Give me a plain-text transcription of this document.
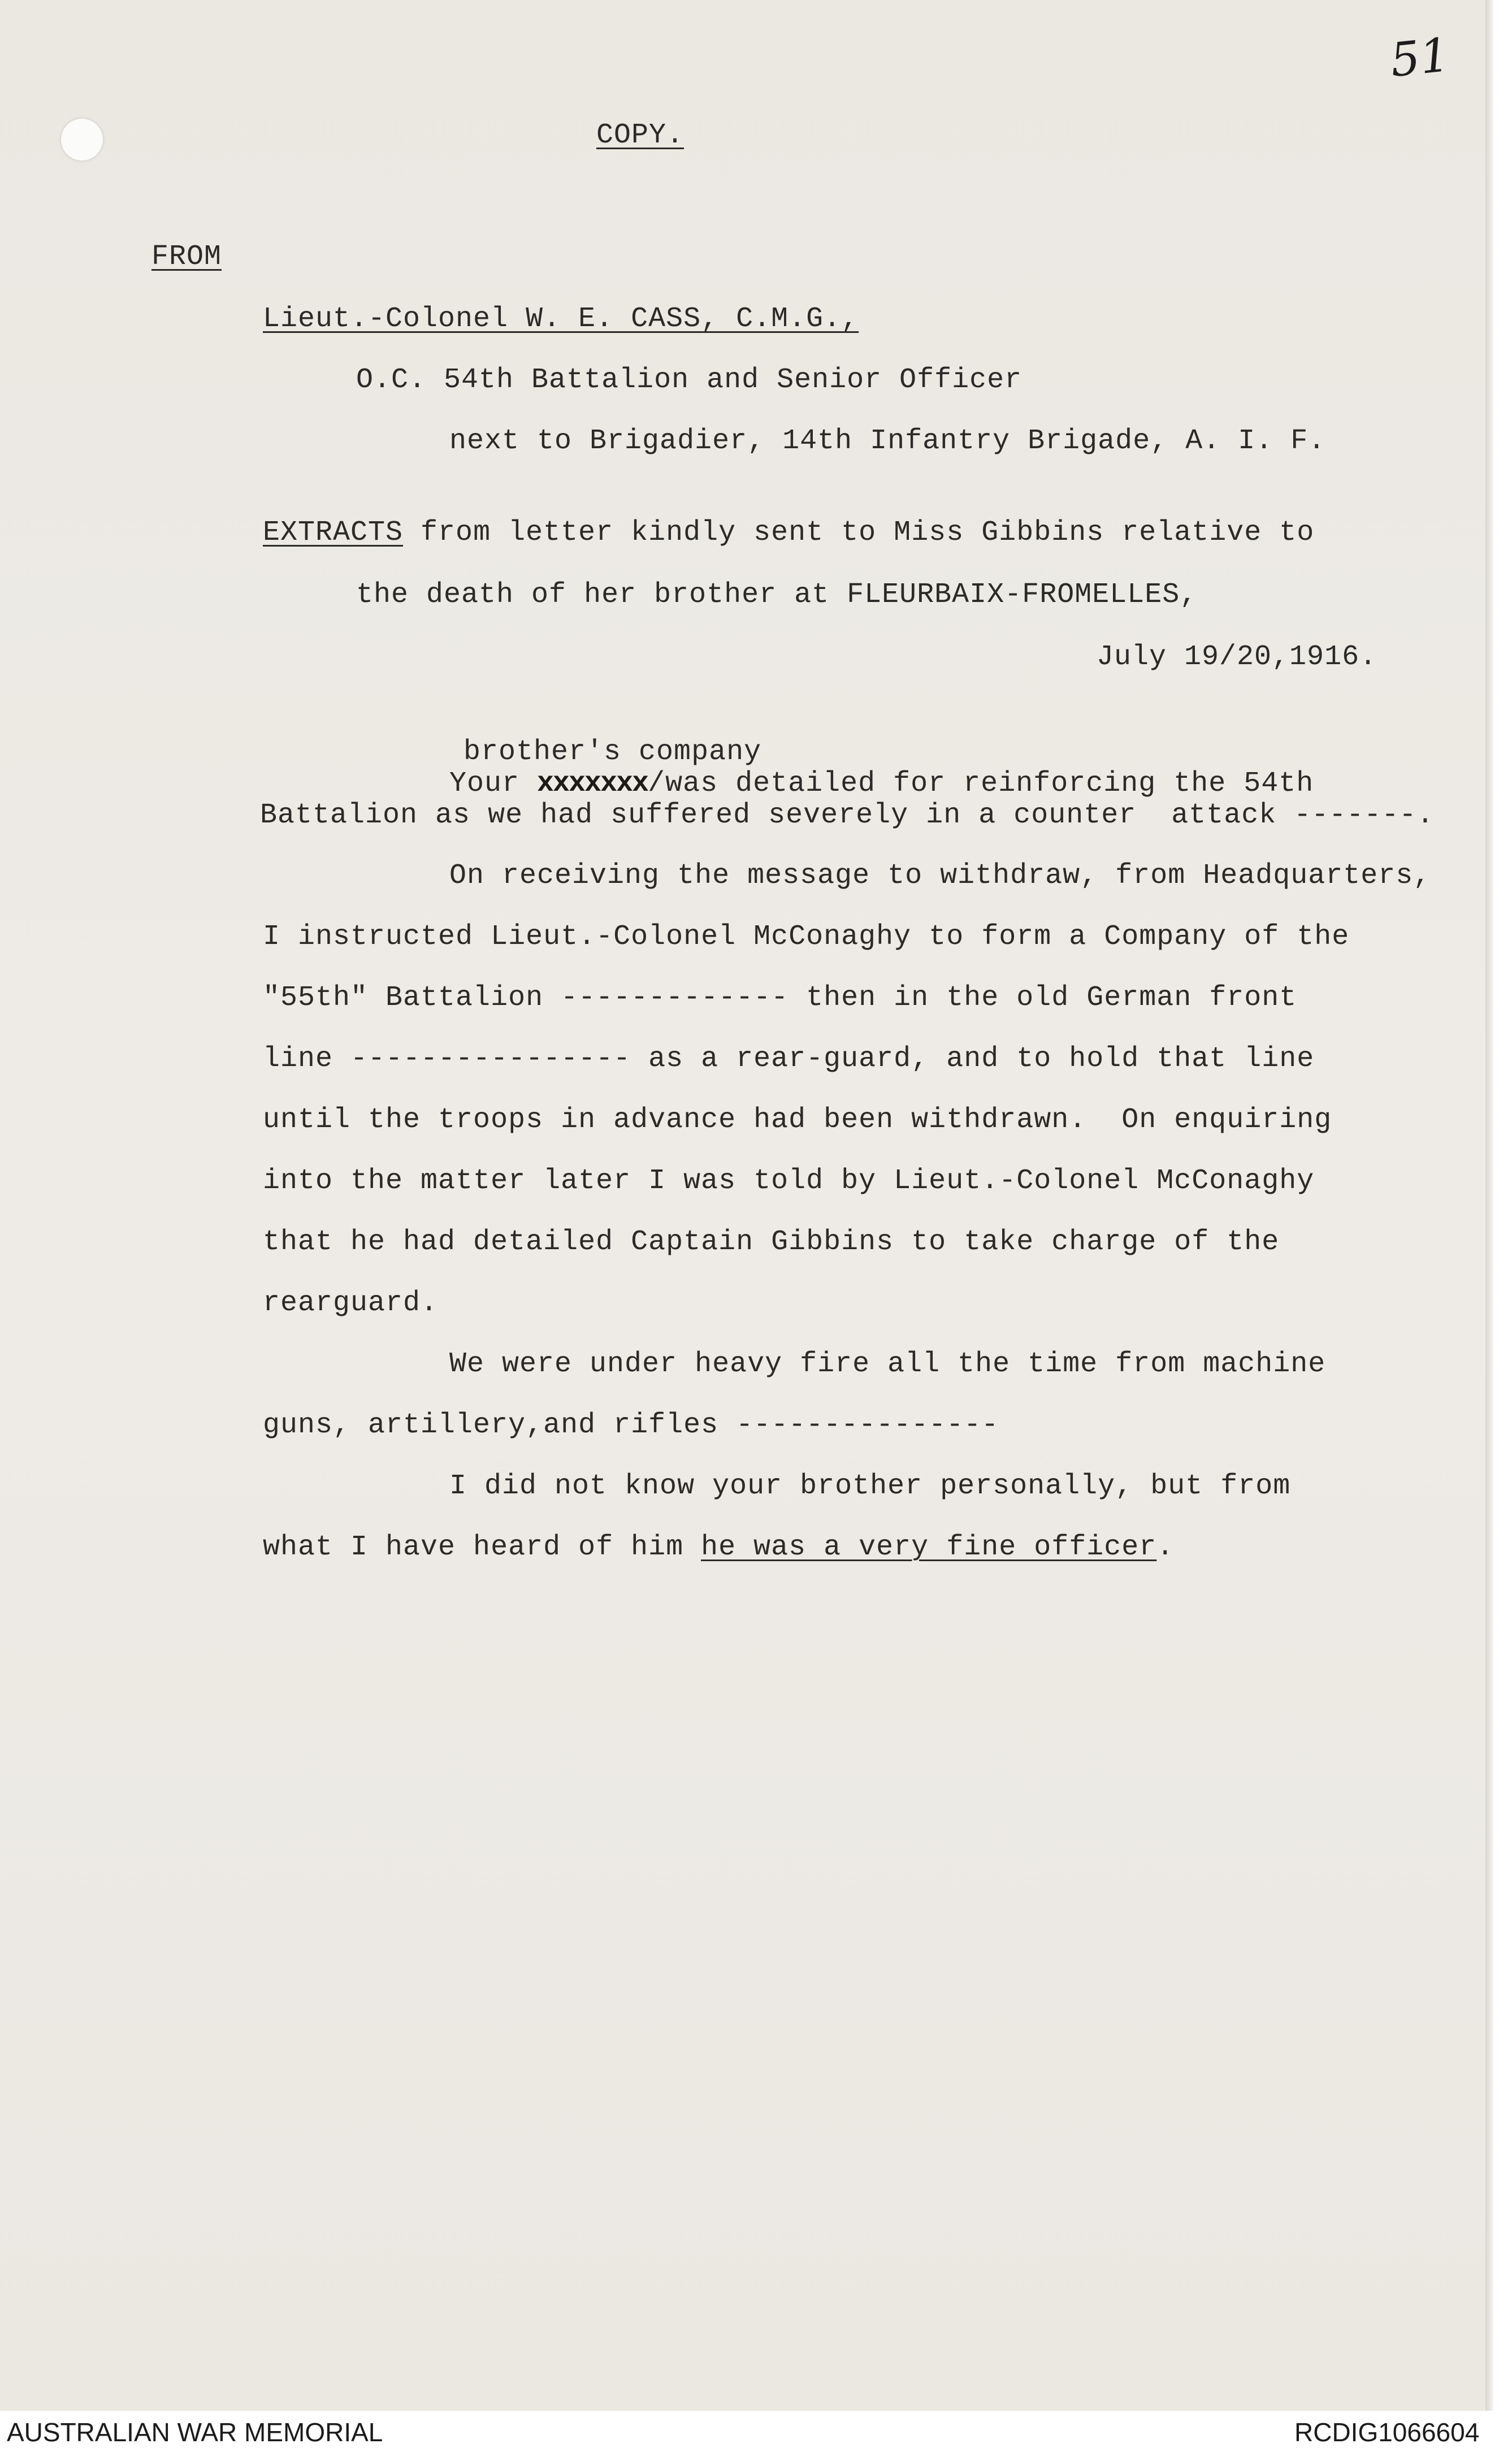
51
COPY.
FROM
Lieut.-Colonel W. E. CASS, C.M.G.,
O.C. 54th Battalion and Senior Officer
next to Brigadier, 14th Infantry Brigade, A. I. F.
EXTRACTS from letter kindly sent to Miss Gibbins relative to
the death of her brother at FLEURBAIX-FROMELLES,
July 19/20,1916.
brother's company
Your xxxxxxx/was detailed for reinforcing the 54th
Battalion as we had suffered severely in a counter  attack -------.
On receiving the message to withdraw, from Headquarters,
I instructed Lieut.-Colonel McConaghy to form a Company of the
"55th" Battalion ------------- then in the old German front
line ---------------- as a rear-guard, and to hold that line
until the troops in advance had been withdrawn.  On enquiring
into the matter later I was told by Lieut.-Colonel McConaghy
that he had detailed Captain Gibbins to take charge of the
rearguard.
We were under heavy fire all the time from machine
guns, artillery,and rifles ---------------
I did not know your brother personally, but from
what I have heard of him he was a very fine officer.
AUSTRALIAN WAR MEMORIAL	RCDIG1066604
